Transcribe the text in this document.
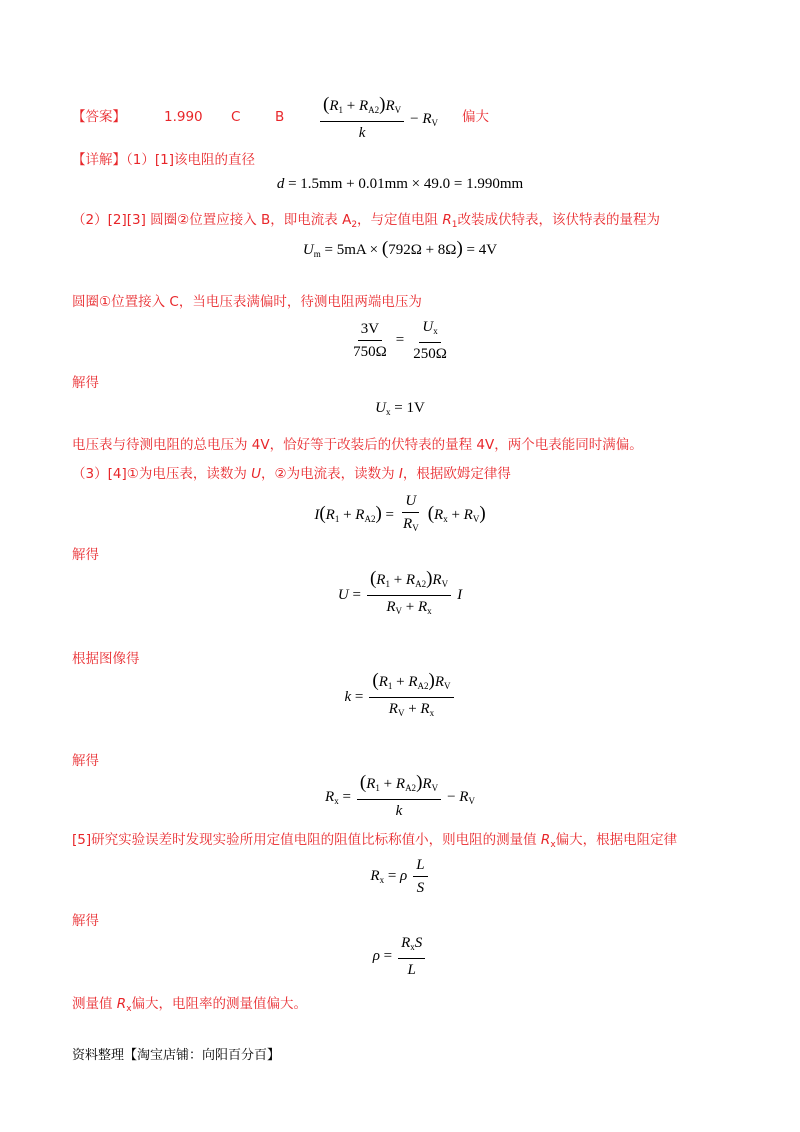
【答案】	1.990 C	B $\frac{(R_1 + R_{A2})R_V}{k} - R_V$ 偏大
【详解】（1）[1]该电阻的直径
d = 1.5mm + 0.01mm × 49.0 = 1.990mm
（2）[2][3] 圆圈②位置应接入 B，即电流表 $A_2$，与定值电阻 $R_1$改装成伏特表，该伏特表的量程为
$U_m = 5mA \times (792\Omega + 8\Omega) = 4V$
圆圈①位置接入 C，当电压表满偏时，待测电阻两端电压为
$\frac{3V}{750\Omega} = \frac{U_x}{250\Omega}$
解得
$U_x = 1V$
电压表与待测电阻的总电压为 4V，恰好等于改装后的伏特表的量程 4V，两个电表能同时满偏。
（3）[4]①为电压表，读数为 U，②为电流表，读数为 I，根据欧姆定律得
$I(R_1 + R_{A2}) = \frac{U}{R_V} (R_x + R_V)$
解得
$U = \frac{(R_1 + R_{A2})R_V}{R_V + R_x}$ I
根据图像得
$k = \frac{(R_1 + R_{A2})R_V}{R_V + R_x}$
解得
$R_x = \frac{(R_1 + R_{A2})R_V}{k} - R_V$
[5]研究实验误差时发现实验所用定值电阻的阻值比标称值小，则电阻的测量值 $R_x$偏大，根据电阻定律
$R_x = \rho \frac{L}{S}$
解得
$\rho = \frac{R_xS}{L}$
测量值 $R_x$偏大，电阻率的测量值偏大。
资料整理【淘宝店铺：向阳百分百】
